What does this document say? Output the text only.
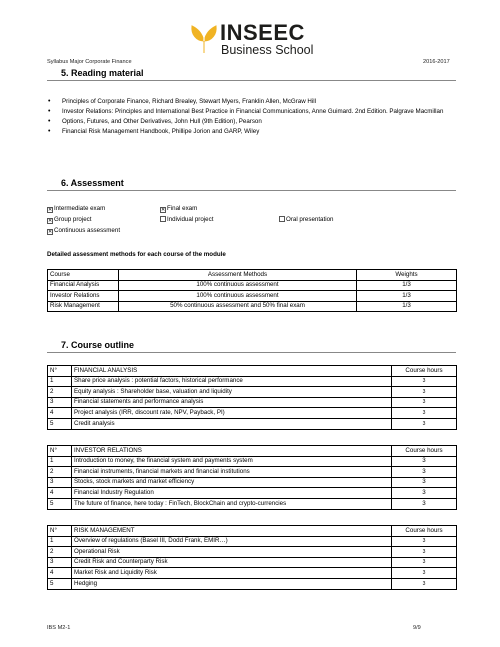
INSEEC
Business School
Syllabus Major Corporate Finance	2016-2017
5. Reading material
• Principles of Corporate Finance, Richard Brealey, Stewart Myers, Franklin Allen, McGraw Hill
• Investor Relations: Principles and International Best Practice in Financial Communications, Anne Guimard. 2nd Edition. Palgrave Macmillan
• Options, Futures, and Other Derivatives, John Hull (9th Edition), Pearson
• Financial Risk Management Handbook, Phillipe Jorion and GARP, Wiley
6. Assessment
✕ Intermediate exam	✕ Final exam
✕ Group project	Individual project	Oral presentation
✕ Continuous assessment
Detailed assessment methods for each course of the module
Course	Assessment Methods	Weights
Financial Analysis	100% continuous assessment	1/3
Investor Relations	100% continuous assessment	1/3
Risk Management	50% continuous assessment and 50% final exam	1/3
7. Course outline
N°	FINANCIAL ANALYSIS	Course hours
1	Share price analysis : potential factors, historical performance	3
2	Equity analysis : Shareholder base, valuation and liquidity	3
3	Financial statements and performance analysis	3
4	Project analysis (IRR, discount rate, NPV, Payback, PI)	3
5	Credit analysis	3
N°	INVESTOR RELATIONS	Course hours
1	Introduction to money, the financial system and payments system	3
2	Financial instruments, financial markets and financial institutions	3
3	Stocks, stock markets and market efficiency	3
4	Financial Industry Regulation	3
5	The future of finance, here today : FinTech, BlockChain and crypto-currencies	3
N°	RISK MANAGEMENT	Course hours
1	Overview of regulations (Basel III, Dodd Frank, EMIR…)	3
2	Operational Risk	3
3	Credit Risk and Counterparty Risk	3
4	Market Risk and Liquidity Risk	3
5	Hedging	3
IBS M2-1	9/9
